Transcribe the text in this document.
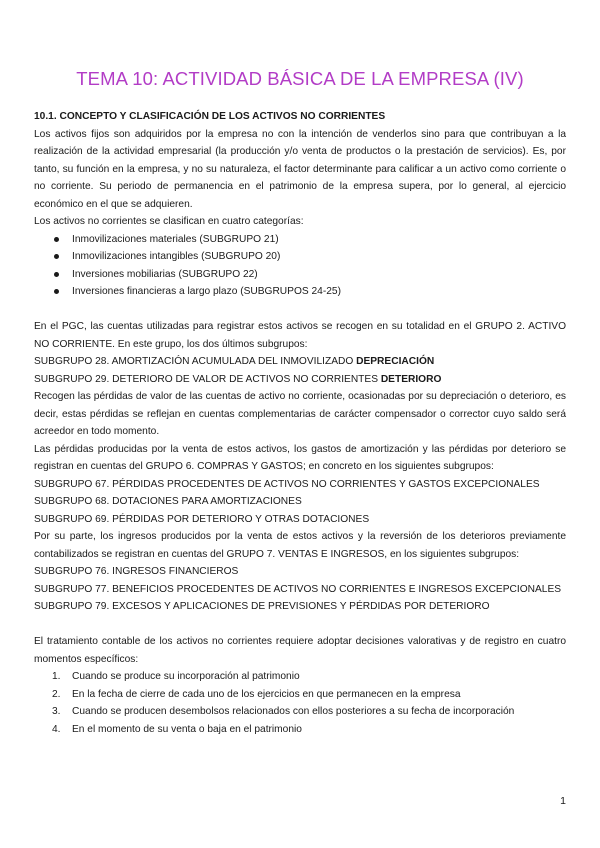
TEMA 10: ACTIVIDAD BÁSICA DE LA EMPRESA (IV)

10.1. CONCEPTO Y CLASIFICACIÓN DE LOS ACTIVOS NO CORRIENTES

Los activos fijos son adquiridos por la empresa no con la intención de venderlos sino para que contribuyan a la realización de la actividad empresarial (la producción y/o venta de productos o la prestación de servicios). Es, por tanto, su función en la empresa, y no su naturaleza, el factor determinante para calificar a un activo como corriente o no corriente. Su periodo de permanencia en el patrimonio de la empresa supera, por lo general, al ejercicio económico en el que se adquieren.

Los activos no corrientes se clasifican en cuatro categorías:

Inmovilizaciones materiales (SUBGRUPO 21)
Inmovilizaciones intangibles (SUBGRUPO 20)
Inversiones mobiliarias (SUBGRUPO 22)
Inversiones financieras a largo plazo (SUBGRUPOS 24-25)

En el PGC, las cuentas utilizadas para registrar estos activos se recogen en su totalidad en el GRUPO 2. ACTIVO NO CORRIENTE. En este grupo, los dos últimos subgrupos:

SUBGRUPO 28. AMORTIZACIÓN ACUMULADA DEL INMOVILIZADO DEPRECIACIÓN

SUBGRUPO 29. DETERIORO DE VALOR DE ACTIVOS NO CORRIENTES DETERIORO

Recogen las pérdidas de valor de las cuentas de activo no corriente, ocasionadas por su depreciación o deterioro, es decir, estas pérdidas se reflejan en cuentas complementarias de carácter compensador o corrector cuyo saldo será acreedor en todo momento.

Las pérdidas producidas por la venta de estos activos, los gastos de amortización y las pérdidas por deterioro se registran en cuentas del GRUPO 6. COMPRAS Y GASTOS; en concreto en los siguientes subgrupos:

SUBGRUPO 67. PÉRDIDAS PROCEDENTES DE ACTIVOS NO CORRIENTES Y GASTOS EXCEPCIONALES

SUBGRUPO 68. DOTACIONES PARA AMORTIZACIONES

SUBGRUPO 69. PÉRDIDAS POR DETERIORO Y OTRAS DOTACIONES

Por su parte, los ingresos producidos por la venta de estos activos y la reversión de los deterioros previamente contabilizados se registran en cuentas del GRUPO 7. VENTAS E INGRESOS, en los siguientes subgrupos:

SUBGRUPO 76. INGRESOS FINANCIEROS

SUBGRUPO 77. BENEFICIOS PROCEDENTES DE ACTIVOS NO CORRIENTES E INGRESOS EXCEPCIONALES

SUBGRUPO 79. EXCESOS Y APLICACIONES DE PREVISIONES Y PÉRDIDAS POR DETERIORO

El tratamiento contable de los activos no corrientes requiere adoptar decisiones valorativas y de registro en cuatro momentos específicos:

1. Cuando se produce su incorporación al patrimonio
2. En la fecha de cierre de cada uno de los ejercicios en que permanecen en la empresa
3. Cuando se producen desembolsos relacionados con ellos posteriores a su fecha de incorporación
4. En el momento de su venta o baja en el patrimonio
1
